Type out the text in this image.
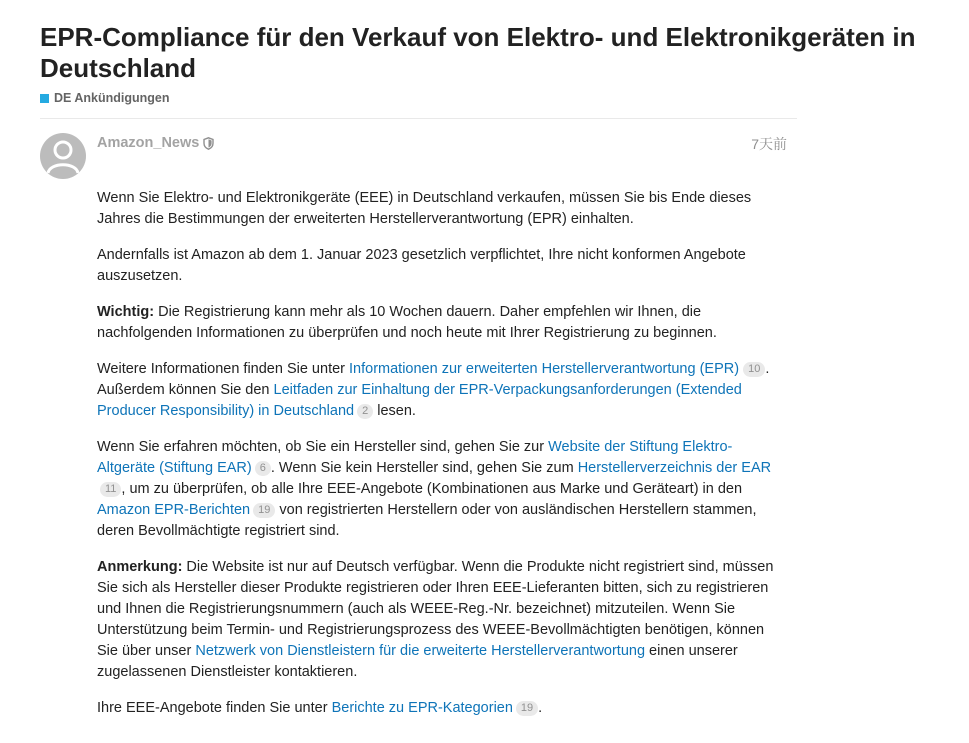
EPR-Compliance für den Verkauf von Elektro- und Elektronikgeräten in Deutschland
DE Ankündigungen
Amazon_News	7天前

Wenn Sie Elektro- und Elektronikgeräte (EEE) in Deutschland verkaufen, müssen Sie bis Ende dieses Jahres die Bestimmungen der erweiterten Herstellerverantwortung (EPR) einhalten.

Andernfalls ist Amazon ab dem 1. Januar 2023 gesetzlich verpflichtet, Ihre nicht konformen Angebote auszusetzen.

Wichtig: Die Registrierung kann mehr als 10 Wochen dauern. Daher empfehlen wir Ihnen, die nachfolgenden Informationen zu überprüfen und noch heute mit Ihrer Registrierung zu beginnen.

Weitere Informationen finden Sie unter Informationen zur erweiterten Herstellerverantwortung (EPR) 10 . Außerdem können Sie den Leitfaden zur Einhaltung der EPR-Verpackungsanforderungen (Extended Producer Responsibility) in Deutschland 2 lesen.

Wenn Sie erfahren möchten, ob Sie ein Hersteller sind, gehen Sie zur Website der Stiftung Elektro-Altgeräte (Stiftung EAR) 6 . Wenn Sie kein Hersteller sind, gehen Sie zum Herstellerverzeichnis der EAR11 , um zu überprüfen, ob alle Ihre EEE-Angebote (Kombinationen aus Marke und Geräteart) in den Amazon EPR-Berichten 19 von registrierten Herstellern oder von ausländischen Herstellern stammen, deren Bevollmächtigte registriert sind.

Anmerkung: Die Website ist nur auf Deutsch verfügbar. Wenn die Produkte nicht registriert sind, müssen Sie sich als Hersteller dieser Produkte registrieren oder Ihren EEE-Lieferanten bitten, sich zu registrieren und Ihnen die Registrierungsnummern (auch als WEEE-Reg.-Nr. bezeichnet) mitzuteilen. Wenn Sie Unterstützung beim Termin- und Registrierungsprozess des WEEE-Bevollmächtigten benötigen, können Sie über unser Netzwerk von Dienstleistern für die erweiterte Herstellerverantwortung einen unserer zugelassenen Dienstleister kontaktieren.

Ihre EEE-Angebote finden Sie unter Berichte zu EPR-Kategorien 19 .
